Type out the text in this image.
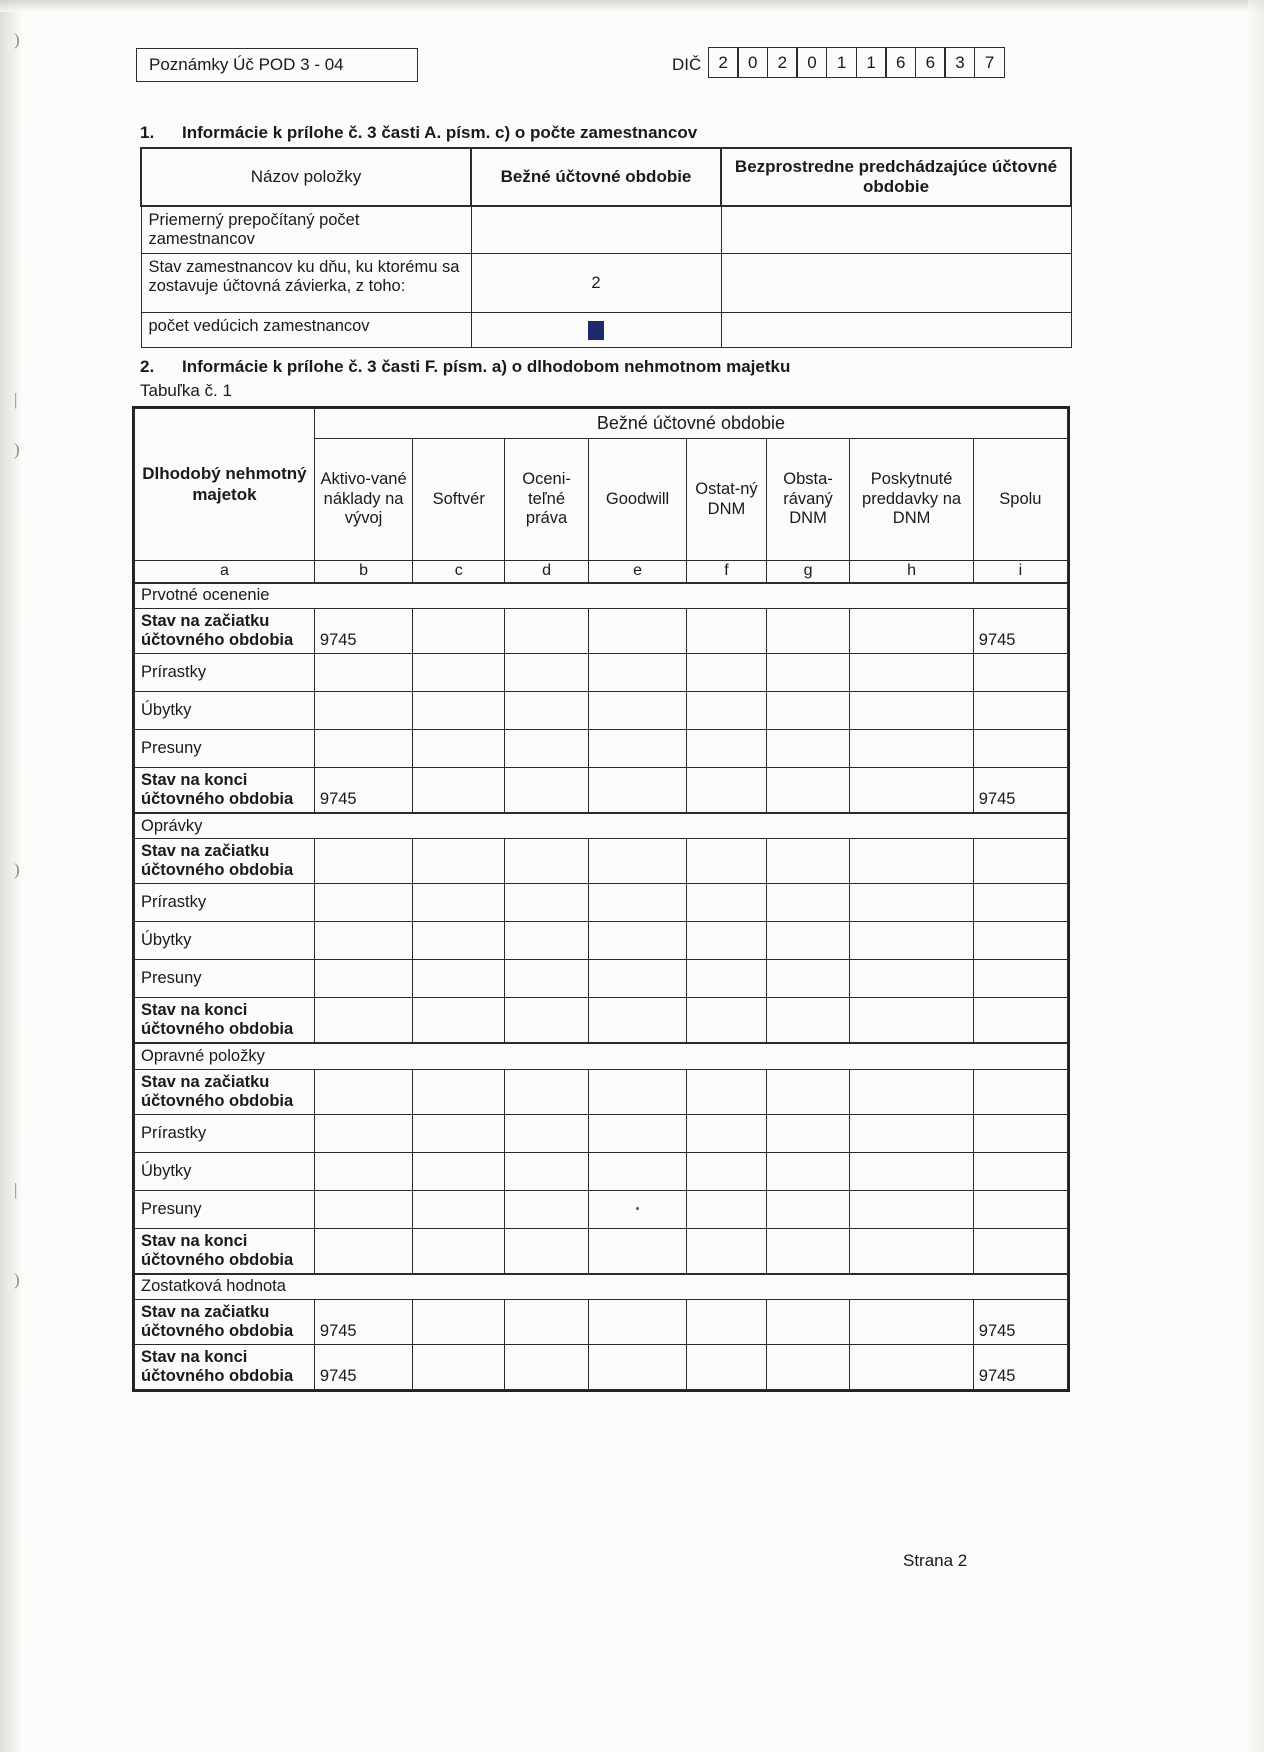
)
|
)
)
|
)
Poznámky Úč POD 3 - 04	DIČ	2	0	2	0	1	1	6	6	3	7
1. Informácie k prílohe č. 3 časti A. písm. c) o počte zamestnancov
Názov položky	Bežné účtovné obdobie	Bezprostredne predchádzajúce účtovné obdobie
Priemerný prepočítaný počet zamestnancov		
Stav zamestnancov ku dňu, ku ktorému sa zostavuje účtovná závierka, z toho:	2	
počet vedúcich zamestnancov	1	
2. Informácie k prílohe č. 3 časti F. písm. a) o dlhodobom nehmotnom majetku
Tabuľka č. 1
Dlhodobý nehmotný majetok	Bežné účtovné obdobie							
	Aktivo-vané náklady na vývoj	Softvér	Oceni-teľné práva	Goodwill	Ostat-ný DNM	Obsta-rávaný DNM	Poskytnuté preddavky na DNM	Spolu
a	b	c	d	e	f	g	h	i
Prvotné ocenenie								
Stav na začiatku účtovného obdobia	9745							9745
Prírastky								
Úbytky								
Presuny								
Stav na konci účtovného obdobia	9745							9745
Oprávky								
Stav na začiatku účtovného obdobia								
Prírastky								
Úbytky								
Presuny								
Stav na konci účtovného obdobia								
Opravné položky								
Stav na začiatku účtovného obdobia								
Prírastky								
Úbytky								
Presuny								
Stav na konci účtovného obdobia								
Zostatková hodnota								
Stav na začiatku účtovného obdobia	9745							9745
Stav na konci účtovného obdobia	9745							9745
Strana 2
